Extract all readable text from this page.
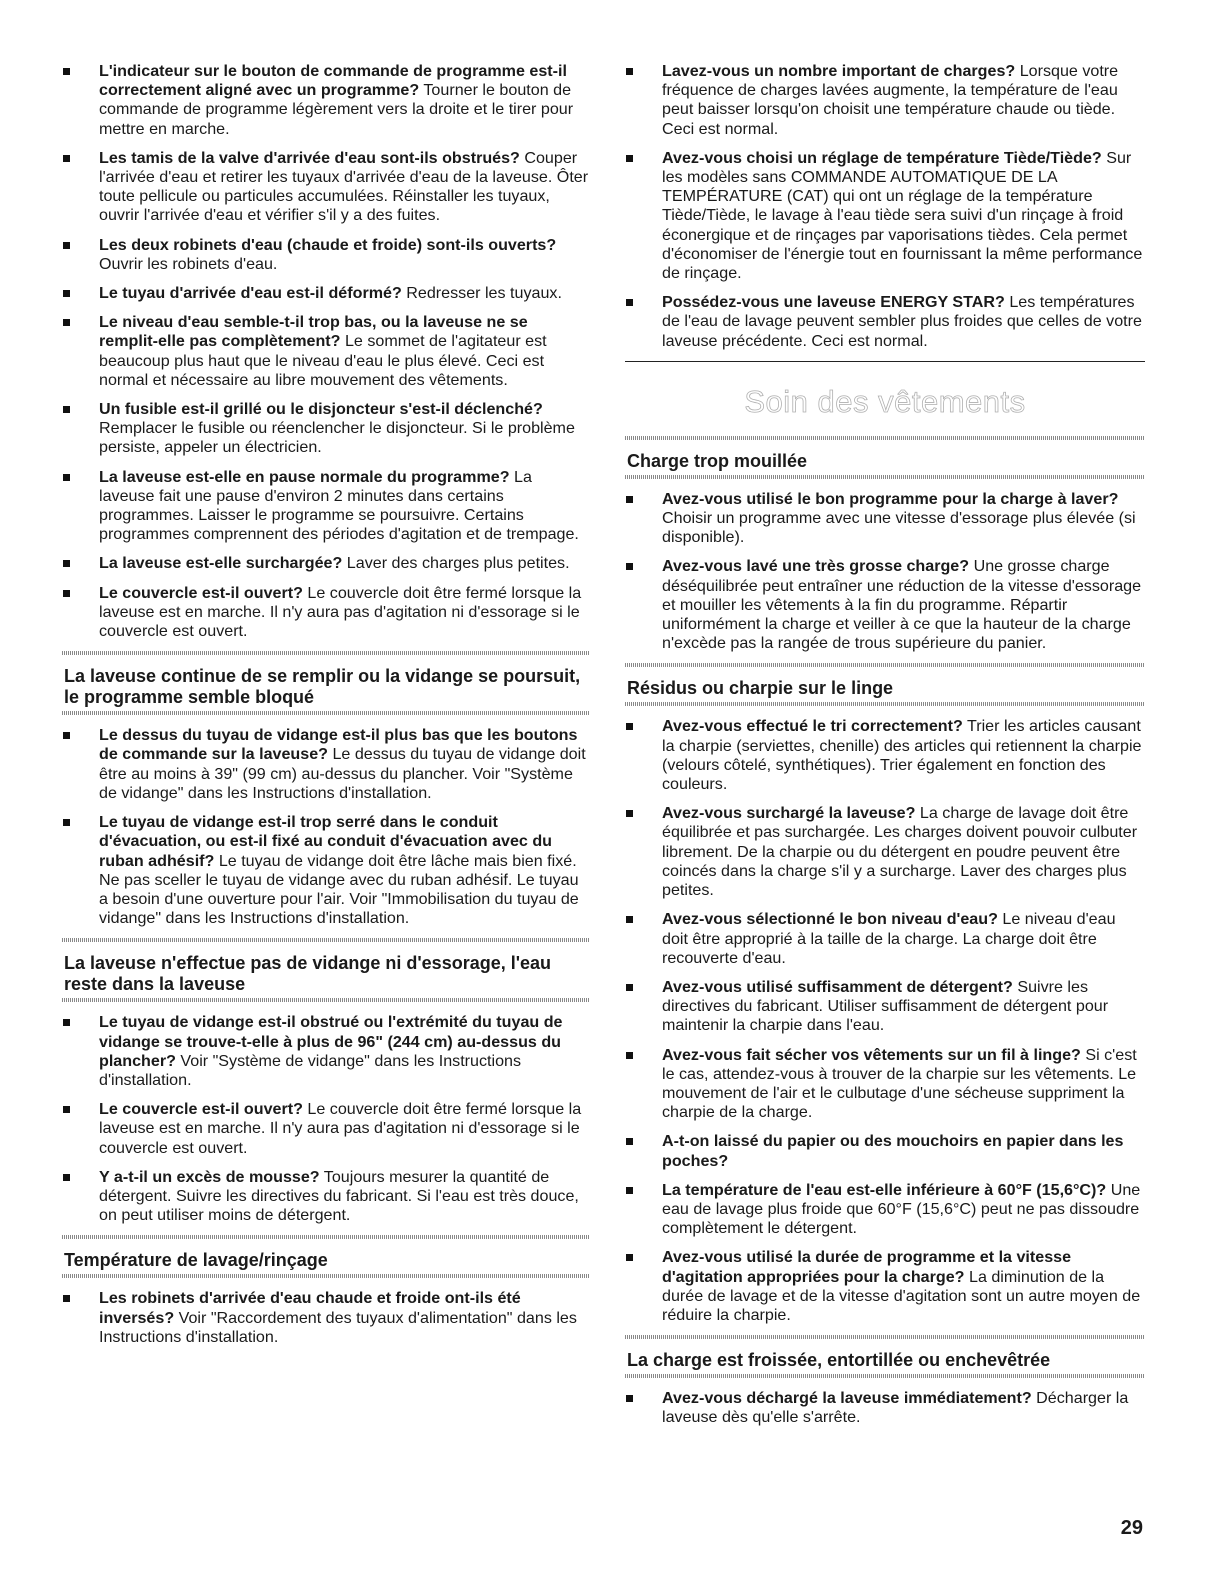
L'indicateur sur le bouton de commande de programme est-il correctement aligné avec un programme? Tourner le bouton de commande de programme légèrement vers la droite et le tirer pour mettre en marche.
Les tamis de la valve d'arrivée d'eau sont-ils obstrués? Couper l'arrivée d'eau et retirer les tuyaux d'arrivée d'eau de la laveuse. Ôter toute pellicule ou particules accumulées. Réinstaller les tuyaux, ouvrir l'arrivée d'eau et vérifier s'il y a des fuites.
Les deux robinets d'eau (chaude et froide) sont-ils ouverts? Ouvrir les robinets d'eau.
Le tuyau d'arrivée d'eau est-il déformé? Redresser les tuyaux.
Le niveau d'eau semble-t-il trop bas, ou la laveuse ne se remplit-elle pas complètement? Le sommet de l'agitateur est beaucoup plus haut que le niveau d'eau le plus élevé. Ceci est normal et nécessaire au libre mouvement des vêtements.
Un fusible est-il grillé ou le disjoncteur s'est-il déclenché? Remplacer le fusible ou réenclencher le disjoncteur. Si le problème persiste, appeler un électricien.
La laveuse est-elle en pause normale du programme? La laveuse fait une pause d'environ 2 minutes dans certains programmes. Laisser le programme se poursuivre. Certains programmes comprennent des périodes d'agitation et de trempage.
La laveuse est-elle surchargée? Laver des charges plus petites.
Le couvercle est-il ouvert? Le couvercle doit être fermé lorsque la laveuse est en marche. Il n'y aura pas d'agitation ni d'essorage si le couvercle est ouvert.
La laveuse continue de se remplir ou la vidange se poursuit, le programme semble bloqué
Le dessus du tuyau de vidange est-il plus bas que les boutons de commande sur la laveuse? Le dessus du tuyau de vidange doit être au moins à 39" (99 cm) au-dessus du plancher. Voir "Système de vidange" dans les Instructions d'installation.
Le tuyau de vidange est-il trop serré dans le conduit d'évacuation, ou est-il fixé au conduit d'évacuation avec du ruban adhésif? Le tuyau de vidange doit être lâche mais bien fixé. Ne pas sceller le tuyau de vidange avec du ruban adhésif. Le tuyau a besoin d'une ouverture pour l'air. Voir "Immobilisation du tuyau de vidange" dans les Instructions d'installation.
La laveuse n'effectue pas de vidange ni d'essorage, l'eau reste dans la laveuse
Le tuyau de vidange est-il obstrué ou l'extrémité du tuyau de vidange se trouve-t-elle à plus de 96" (244 cm) au-dessus du plancher? Voir "Système de vidange" dans les Instructions d'installation.
Le couvercle est-il ouvert? Le couvercle doit être fermé lorsque la laveuse est en marche. Il n'y aura pas d'agitation ni d'essorage si le couvercle est ouvert.
Y a-t-il un excès de mousse? Toujours mesurer la quantité de détergent. Suivre les directives du fabricant. Si l'eau est très douce, on peut utiliser moins de détergent.
Température de lavage/rinçage
Les robinets d'arrivée d'eau chaude et froide ont-ils été inversés? Voir "Raccordement des tuyaux d'alimentation" dans les Instructions d'installation.
Lavez-vous un nombre important de charges? Lorsque votre fréquence de charges lavées augmente, la température de l'eau peut baisser lorsqu'on choisit une température chaude ou tiède. Ceci est normal.
Avez-vous choisi un réglage de température Tiède/Tiède? Sur les modèles sans COMMANDE AUTOMATIQUE DE LA TEMPÉRATURE (CAT) qui ont un réglage de la température Tiède/Tiède, le lavage à l'eau tiède sera suivi d'un rinçage à froid éconergique et de rinçages par vaporisations tièdes. Cela permet d'économiser de l'énergie tout en fournissant la même performance de rinçage.
Possédez-vous une laveuse ENERGY STAR? Les températures de l'eau de lavage peuvent sembler plus froides que celles de votre laveuse précédente. Ceci est normal.
Soin des vêtements
Charge trop mouillée
Avez-vous utilisé le bon programme pour la charge à laver? Choisir un programme avec une vitesse d'essorage plus élevée (si disponible).
Avez-vous lavé une très grosse charge? Une grosse charge déséquilibrée peut entraîner une réduction de la vitesse d'essorage et mouiller les vêtements à la fin du programme. Répartir uniformément la charge et veiller à ce que la hauteur de la charge n'excède pas la rangée de trous supérieure du panier.
Résidus ou charpie sur le linge
Avez-vous effectué le tri correctement? Trier les articles causant la charpie (serviettes, chenille) des articles qui retiennent la charpie (velours côtelé, synthétiques). Trier également en fonction des couleurs.
Avez-vous surchargé la laveuse? La charge de lavage doit être équilibrée et pas surchargée. Les charges doivent pouvoir culbuter librement. De la charpie ou du détergent en poudre peuvent être coincés dans la charge s'il y a surcharge. Laver des charges plus petites.
Avez-vous sélectionné le bon niveau d'eau? Le niveau d'eau doit être approprié à la taille de la charge. La charge doit être recouverte d'eau.
Avez-vous utilisé suffisamment de détergent? Suivre les directives du fabricant. Utiliser suffisamment de détergent pour maintenir la charpie dans l'eau.
Avez-vous fait sécher vos vêtements sur un fil à linge? Si c'est le cas, attendez-vous à trouver de la charpie sur les vêtements. Le mouvement de l'air et le culbutage d'une sécheuse suppriment la charpie de la charge.
A-t-on laissé du papier ou des mouchoirs en papier dans les poches?
La température de l'eau est-elle inférieure à 60°F (15,6°C)? Une eau de lavage plus froide que 60°F (15,6°C) peut ne pas dissoudre complètement le détergent.
Avez-vous utilisé la durée de programme et la vitesse d'agitation appropriées pour la charge? La diminution de la durée de lavage et de la vitesse d'agitation sont un autre moyen de réduire la charpie.
La charge est froissée, entortillée ou enchevêtrée
Avez-vous déchargé la laveuse immédiatement? Décharger la laveuse dès qu'elle s'arrête.
29
